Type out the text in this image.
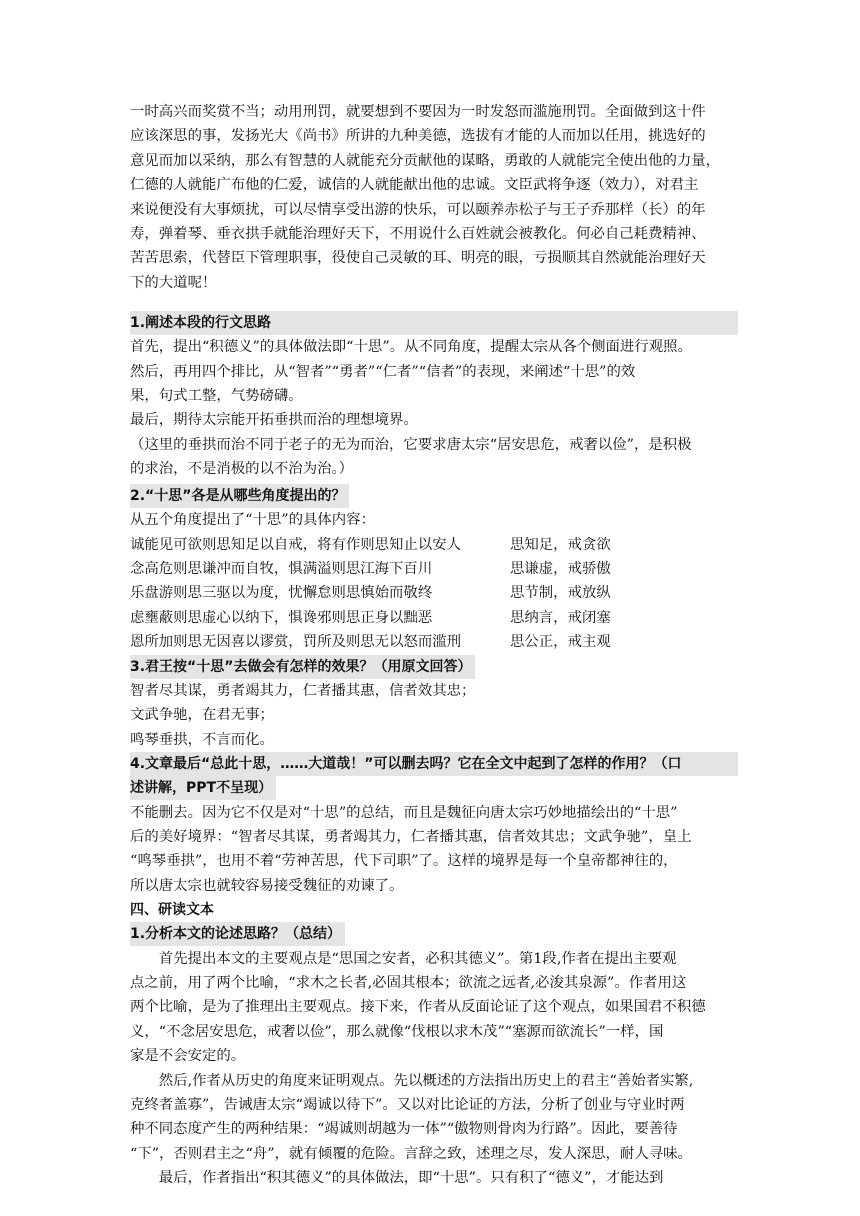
一时高兴而奖赏不当；动用刑罚，就要想到不要因为一时发怒而滥施刑罚。全面做到这十件
应该深思的事，发扬光大《尚书》所讲的九种美德，选拔有才能的人而加以任用，挑选好的
意见而加以采纳，那么有智慧的人就能充分贡献他的谋略，勇敢的人就能完全使出他的力量，
仁德的人就能广布他的仁爱，诚信的人就能献出他的忠诚。文臣武将争逐（效力），对君主
来说便没有大事烦扰，可以尽情享受出游的快乐，可以颐养赤松子与王子乔那样（长）的年
寿，弹着琴、垂衣拱手就能治理好天下，不用说什么百姓就会被教化。何必自己耗费精神、
苦苦思索，代替臣下管理职事，役使自己灵敏的耳、明亮的眼，亏损顺其自然就能治理好天
下的大道呢！
1.阐述本段的行文思路
首先，提出“积德义”的具体做法即“十思”。从不同角度，提醒太宗从各个侧面进行观照。
然后，再用四个排比，从“智者”“勇者”“仁者”“信者”的表现，来阐述“十思”的效
果，句式工整，气势磅礴。
最后，期待太宗能开拓垂拱而治的理想境界。
（这里的垂拱而治不同于老子的无为而治，它要求唐太宗“居安思危，戒奢以俭”，是积极
的求治，不是消极的以不治为治。）
2.“十思”各是从哪些角度提出的？
从五个角度提出了“十思”的具体内容：
诚能见可欲则思知足以自戒，将有作则思知止以安人	思知足，戒贪欲
念高危则思谦冲而自牧，惧满溢则思江海下百川	思谦虚，戒骄傲
乐盘游则思三驱以为度，忧懈怠则思慎始而敬终	思节制，戒放纵
虑壅蔽则思虚心以纳下，惧谗邪则思正身以黜恶	思纳言，戒闭塞
恩所加则思无因喜以谬赏，罚所及则思无以怒而滥刑	思公正，戒主观
3.君王按“十思”去做会有怎样的效果？（用原文回答）
智者尽其谋，勇者竭其力，仁者播其惠，信者效其忠；
文武争驰，在君无事；
鸣琴垂拱，不言而化。
4.文章最后“总此十思，……大道哉！”可以删去吗？它在全文中起到了怎样的作用？（口
述讲解，PPT不呈现）
不能删去。因为它不仅是对“十思”的总结，而且是魏征向唐太宗巧妙地描绘出的“十思”
后的美好境界：“智者尽其谋，勇者竭其力，仁者播其惠，信者效其忠；文武争驰”，皇上
“鸣琴垂拱”，也用不着“劳神苦思，代下司职”了。这样的境界是每一个皇帝都神往的，
所以唐太宗也就较容易接受魏征的劝谏了。
四、研读文本
1.分析本文的论述思路？（总结）

首先提出本文的主要观点是“思国之安者，必积其德义”。第1段,作者在提出主要观
点之前，用了两个比喻，“求木之长者,必固其根本；欲流之远者,必浚其泉源”。作者用这
两个比喻，是为了推理出主要观点。接下来，作者从反面论证了这个观点，如果国君不积德
义，“不念居安思危，戒奢以俭”，那么就像“伐根以求木茂”“塞源而欲流长”一样，国
家是不会安定的。

然后,作者从历史的角度来证明观点。先以概述的方法指出历史上的君主“善始者实繁,
克终者盖寡”，告诫唐太宗“竭诚以待下”。又以对比论证的方法，分析了创业与守业时两
种不同态度产生的两种结果：“竭诚则胡越为一体”“傲物则骨肉为行路”。因此，要善待
“下”，否则君主之“舟”，就有倾覆的危险。言辞之致，述理之尽，发人深思，耐人寻味。

最后，作者指出“积其德义”的具体做法，即“十思”。只有积了“德义”，才能达到
